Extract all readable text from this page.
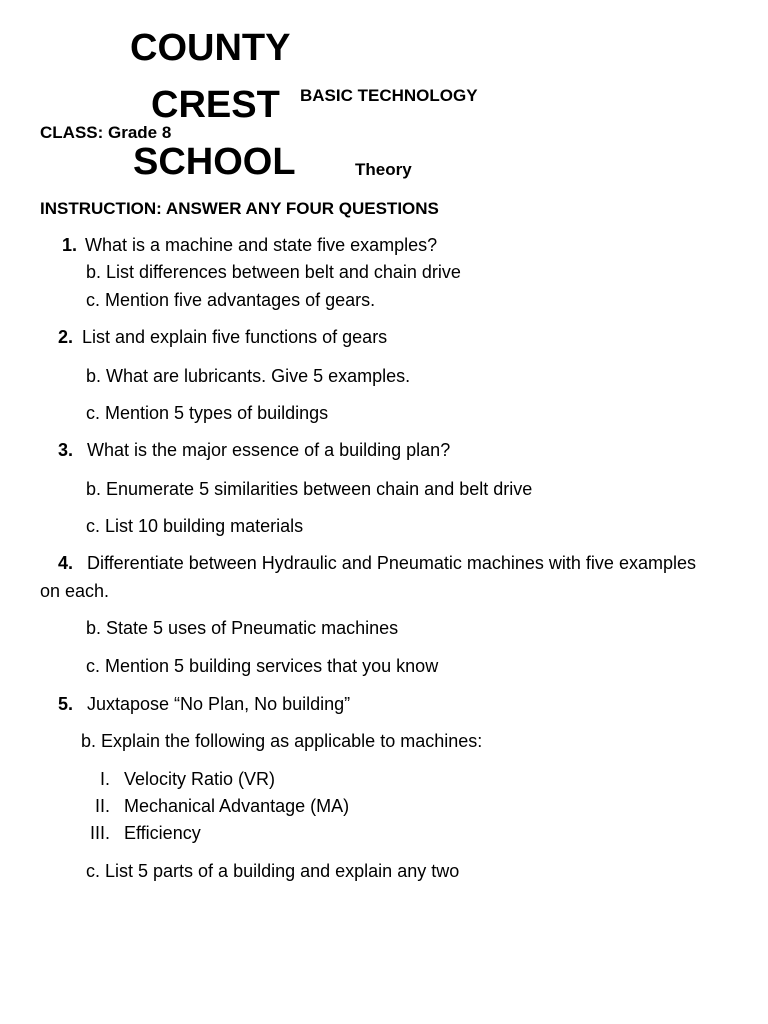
COUNTY
CREST
SCHOOL
BASIC TECHNOLOGY
CLASS: Grade 8
Theory
INSTRUCTION: ANSWER ANY FOUR QUESTIONS
1. What is a machine and state five examples?
b. List differences between belt and chain drive
c. Mention five advantages of gears.
2. List and explain five functions of gears
b. What are lubricants. Give 5 examples.
c. Mention 5 types of buildings
3. What is the major essence of a building plan?
b. Enumerate 5 similarities between chain and belt drive
c. List 10 building materials
4. Differentiate between Hydraulic and Pneumatic machines with five examples
on each.
b. State 5 uses of Pneumatic machines
c. Mention 5 building services that you know
5. Juxtapose “No Plan, No building”
b. Explain the following as applicable to machines:
I. Velocity Ratio (VR)
II. Mechanical Advantage (MA)
III. Efficiency
c. List 5 parts of a building and explain any two
